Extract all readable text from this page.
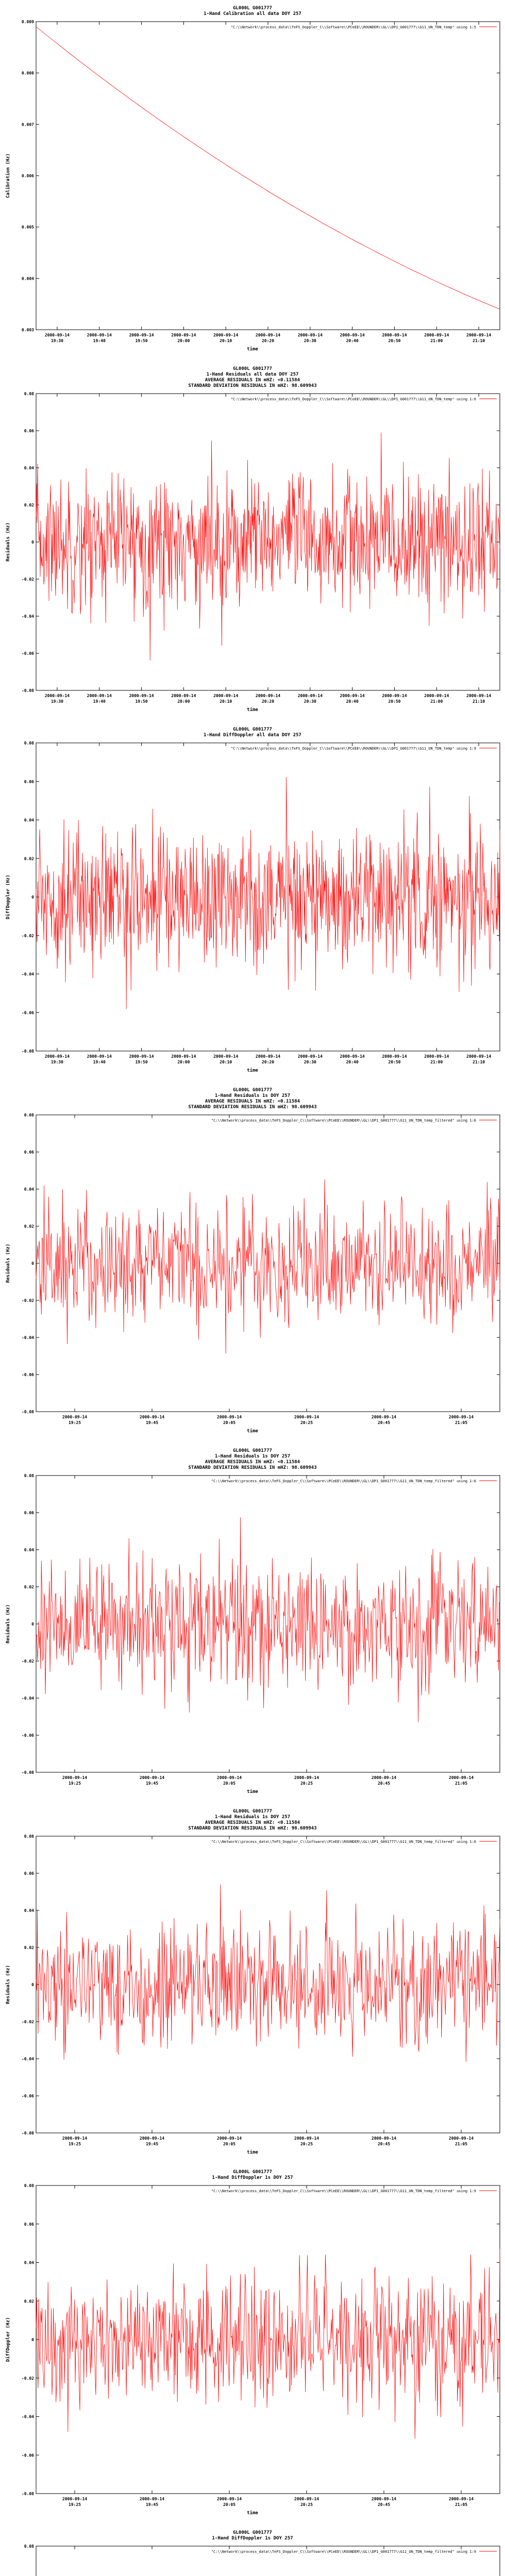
GL000L G001777
1-Hand Calibration all data DOY 257
"C:\\Network\\process_data\\TeFS_Doppler_C\\Software\\PCeEE\\ROUNDER\\GL\\DP1_G001777\\G11_UN_TDN_temp" using 1:5
0.003
0.004
0.005
0.006
0.007
0.008
0.009
2000-09-14
19:30
2000-09-14
19:40
2000-09-14
19:50
2000-09-14
20:00
2000-09-14
20:10
2000-09-14
20:20
2000-09-14
20:30
2000-09-14
20:40
2000-09-14
20:50
2000-09-14
21:00
2000-09-14
21:10
time
Calibration (Hz)
GL000L G001777
1-Hand Residuals all data DOY 257
AVERAGE RESIDUALS IN mHZ: <0.11584
STANDARD DEVIATION RESIDUALS IN mHZ: 98.609943
"C:\\Network\\process_data\\TeFS_Doppler_C\\Software\\PCeEE\\ROUNDER\\GL\\DP1_G001777\\G11_UN_TDN_temp" using 1:6
-0.08
-0.06
-0.04
-0.02
0
0.02
0.04
0.06
0.08
2000-09-14
19:30
2000-09-14
19:40
2000-09-14
19:50
2000-09-14
20:00
2000-09-14
20:10
2000-09-14
20:20
2000-09-14
20:30
2000-09-14
20:40
2000-09-14
20:50
2000-09-14
21:00
2000-09-14
21:10
time
Residuals (Hz)
GL000L G001777
1-Hand DiffDoppler all data DOY 257
"C:\\Network\\process_data\\TeFS_Doppler_C\\Software\\PCeEE\\ROUNDER\\GL\\DP1_G001777\\G11_UN_TDN_temp" using 1:9
-0.08
-0.06
-0.04
-0.02
0
0.02
0.04
0.06
0.08
2000-09-14
19:30
2000-09-14
19:40
2000-09-14
19:50
2000-09-14
20:00
2000-09-14
20:10
2000-09-14
20:20
2000-09-14
20:30
2000-09-14
20:40
2000-09-14
20:50
2000-09-14
21:00
2000-09-14
21:10
time
DiffDoppler (Hz)
GL000L G001777
1-Hand Residuals 1s DOY 257
AVERAGE RESIDUALS IN mHZ: <0.11584
STANDARD DEVIATION RESIDUALS IN mHZ: 98.609943
"C:\\Network\\process_data\\TeFS_Doppler_C\\Software\\PCeEE\\ROUNDER\\GL\\DP1_G001777\\G11_UN_TDN_temp_filtered" using 1:6
-0.08
-0.06
-0.04
-0.02
0
0.02
0.04
0.06
0.08
2000-09-14
19:25
2000-09-14
19:45
2000-09-14
20:05
2000-09-14
20:25
2000-09-14
20:45
2000-09-14
21:05
time
Residuals (Hz)
GL000L G001777
1-Hand Residuals 1s DOY 257
AVERAGE RESIDUALS IN mHZ: <0.11584
STANDARD DEVIATION RESIDUALS IN mHZ: 98.609943
"C:\\Network\\process_data\\TeFS_Doppler_C\\Software\\PCeEE\\ROUNDER\\GL\\DP1_G001777\\G11_UN_TDN_temp_filtered" using 1:6
-0.08
-0.06
-0.04
-0.02
0
0.02
0.04
0.06
0.08
2000-09-14
19:25
2000-09-14
19:45
2000-09-14
20:05
2000-09-14
20:25
2000-09-14
20:45
2000-09-14
21:05
time
Residuals (Hz)
GL000L G001777
1-Hand Residuals 1s DOY 257
AVERAGE RESIDUALS IN mHZ: <0.11584
STANDARD DEVIATION RESIDUALS IN mHZ: 98.609943
"C:\\Network\\process_data\\TeFS_Doppler_C\\Software\\PCeEE\\ROUNDER\\GL\\DP1_G001777\\G11_UN_TDN_temp_filtered" using 1:6
-0.08
-0.06
-0.04
-0.02
0
0.02
0.04
0.06
0.08
2000-09-14
19:25
2000-09-14
19:45
2000-09-14
20:05
2000-09-14
20:25
2000-09-14
20:45
2000-09-14
21:05
time
Residuals (Hz)
GL000L G001777
1-Hand DiffDoppler 1s DOY 257
"C:\\Network\\process_data\\TeFS_Doppler_C\\Software\\PCeEE\\ROUNDER\\GL\\DP1_G001777\\G11_UN_TDN_temp_filtered" using 1:9
-0.08
-0.06
-0.04
-0.02
0
0.02
0.04
0.06
0.08
2000-09-14
19:25
2000-09-14
19:45
2000-09-14
20:05
2000-09-14
20:25
2000-09-14
20:45
2000-09-14
21:05
time
DiffDoppler (Hz)
GL000L G001777
1-Hand DiffDoppler 1s DOY 257
"C:\\Network\\process_data\\TeFS_Doppler_C\\Software\\PCeEE\\ROUNDER\\GL\\DP1_G001777\\G11_UN_TDN_temp_filtered" using 1:9
0.08
